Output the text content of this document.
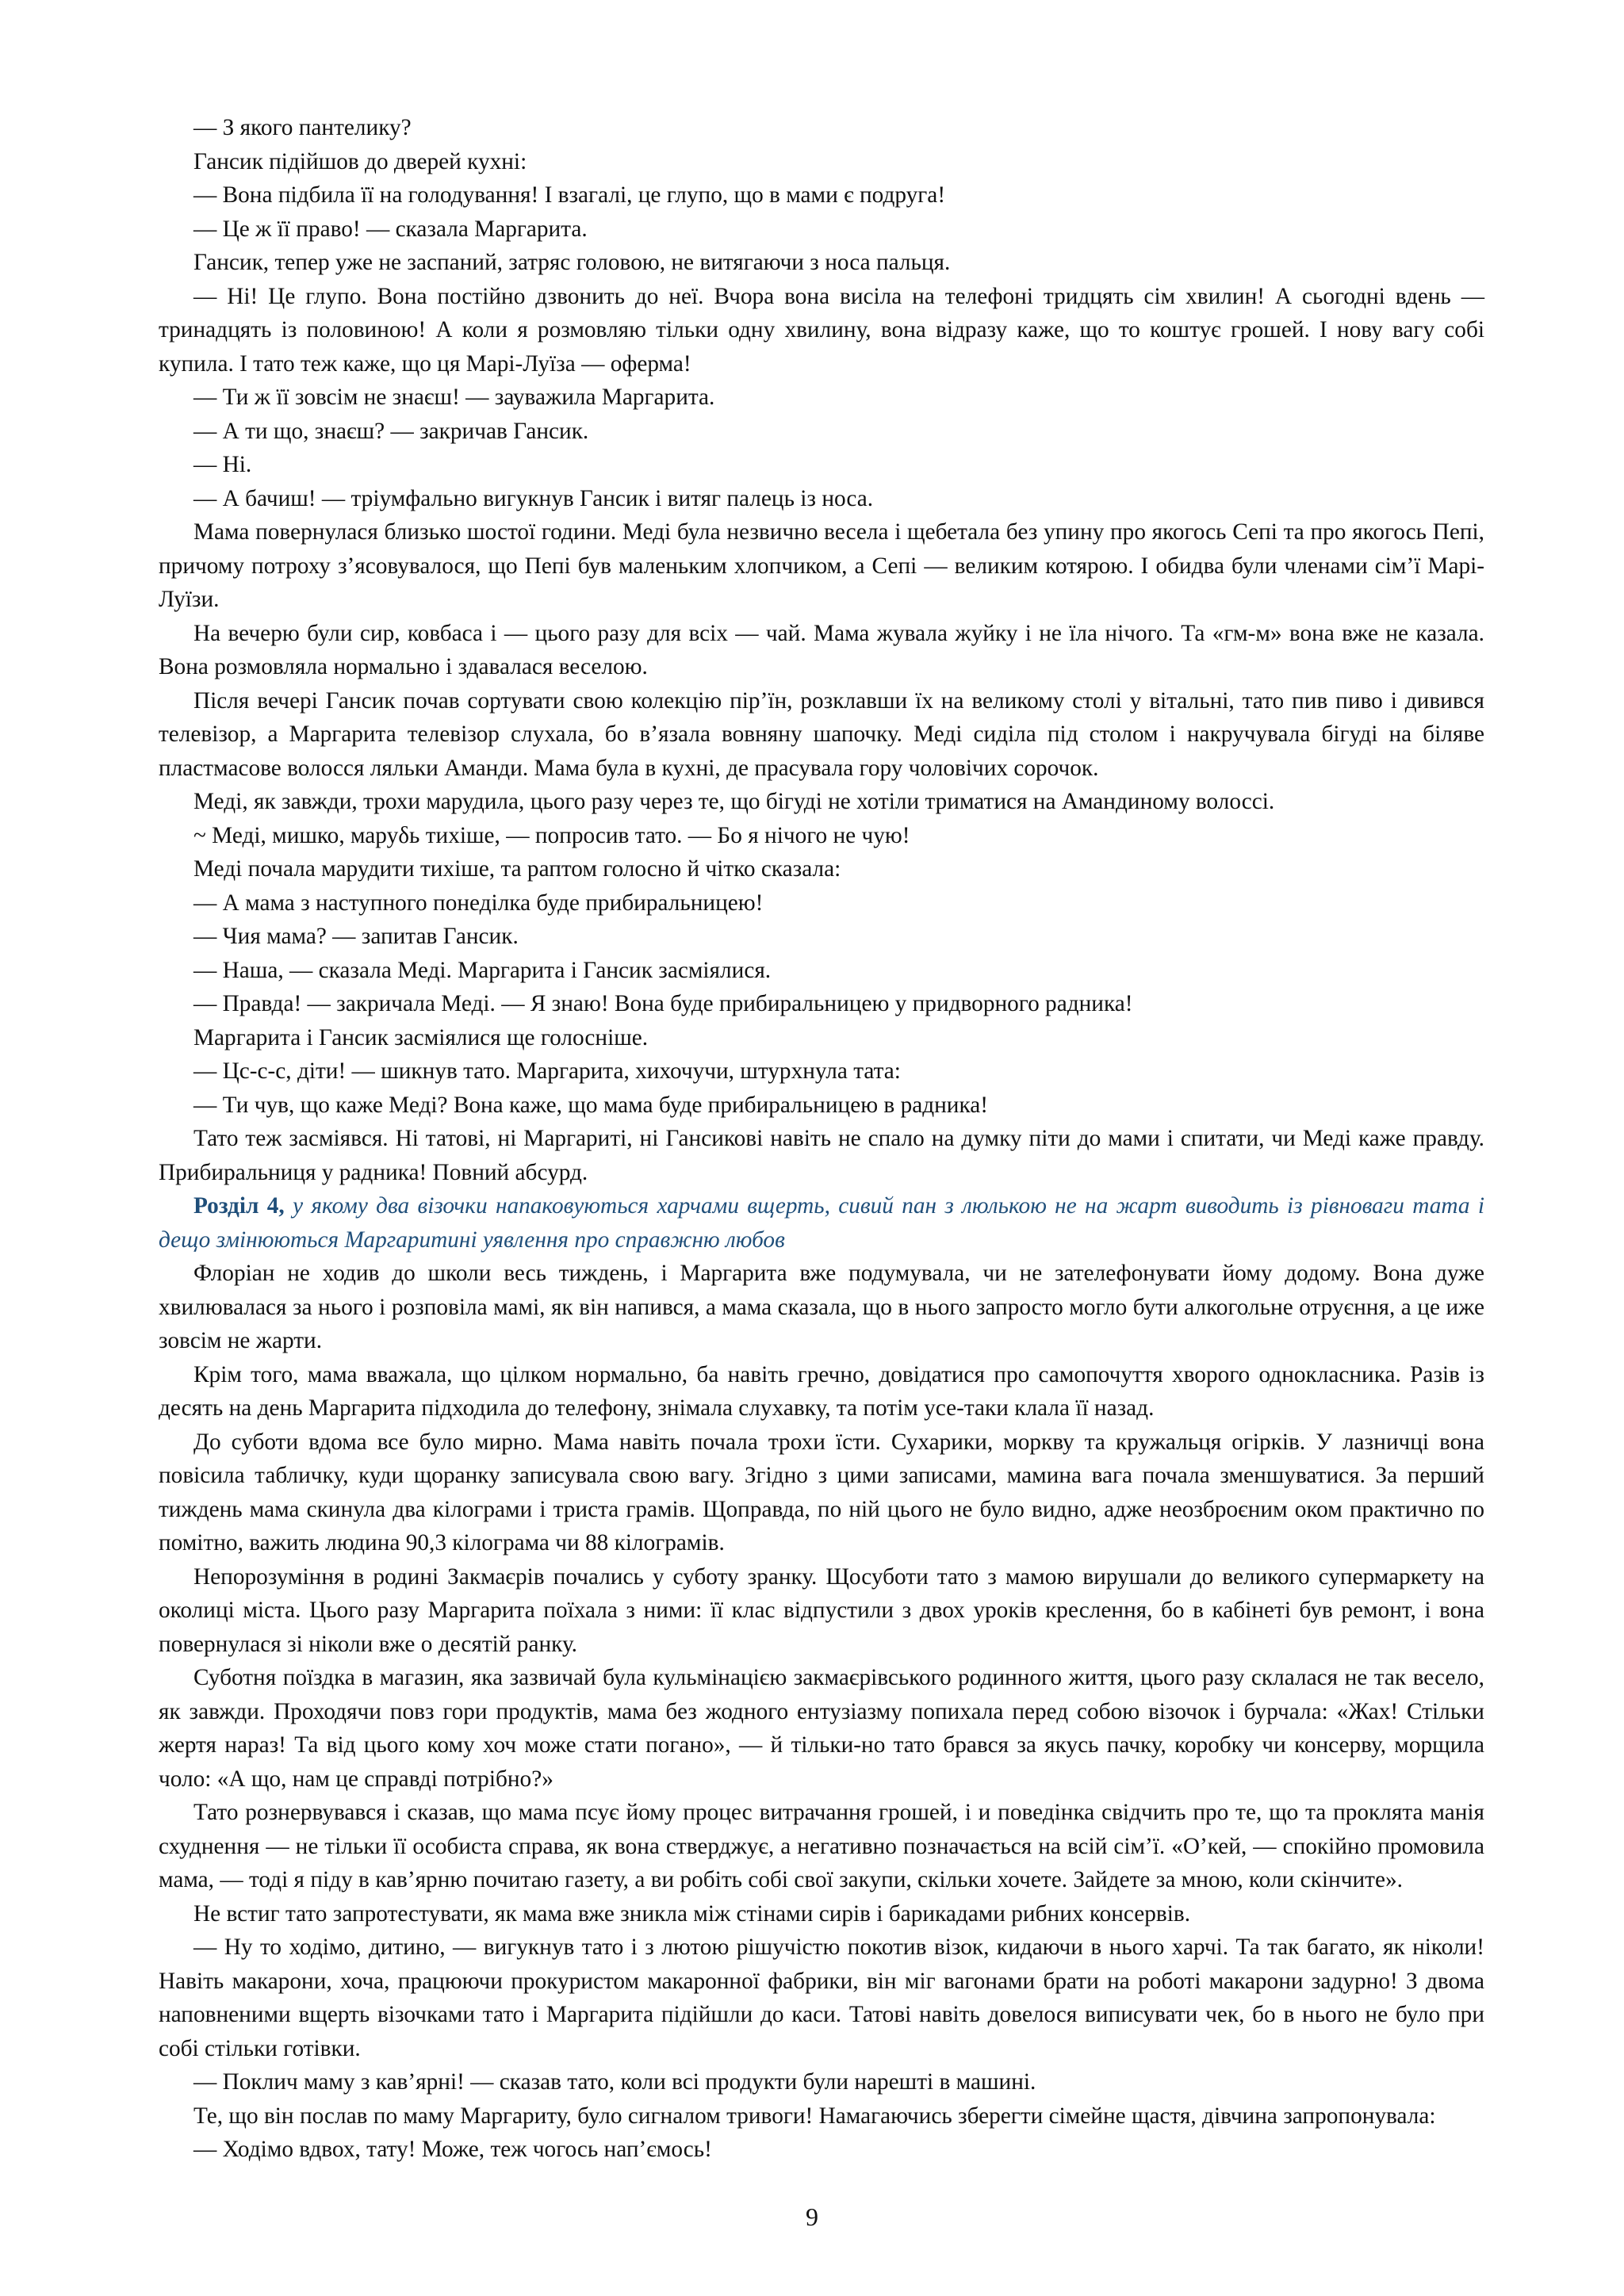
— З якого пантелику?

Гансик підійшов до дверей кухні:

— Вона підбила її на голодування! І взагалі, це глупо, що в мами є подруга!

— Це ж її право! — сказала Маргарита.

Гансик, тепер уже не заспаний, затряс головою, не витягаючи з носа пальця.

— Ні! Це глупо. Вона постійно дзвонить до неї. Вчора вона висіла на телефоні тридцять сім хвилин! А сьогодні вдень — тринадцять із половиною! А коли я розмовляю тільки одну хвилину, вона відразу каже, що то коштує грошей. І нову вагу собі купила. І тато теж каже, що ця Марі-Луїза — оферма!

— Ти ж її зовсім не знаєш! — зауважила Маргарита.

— А ти що, знаєш? — закричав Гансик.

— Ні.

— А бачиш! — тріумфально вигукнув Гансик і витяг палець із носа.

Мама повернулася близько шостої години. Меді була незвично весела і щебетала без упину про якогось Сепі та про якогось Пепі, причому потроху з’ясовувалося, що Пепі був маленьким хлопчиком, а Сепі — великим котярою. І обидва були членами сім’ї Марі-Луїзи.

На вечерю були сир, ковбаса і — цього разу для всіх — чай. Мама жувала жуйку і не їла нічого. Та «гм-м» вона вже не казала. Вона розмовляла нормально і здавалася веселою.

Після вечері Гансик почав сортувати свою колекцію пір’їн, розклавши їх на великому столі у вітальні, тато пив пиво і дивився телевізор, а Маргарита телевізор слухала, бо в’язала вовняну шапочку. Меді сиділа під столом і накручувала бігуді на біляве пластмасове волосся ляльки Аманди. Мама була в кухні, де прасувала гору чоловічих сорочок.

Меді, як завжди, трохи марудила, цього разу через те, що бігуді не хотіли триматися на Амандиному волоссі.

~ Меді, мишко, маруδь тихіше, — попросив тато. — Бо я нічого не чую!

Меді почала марудити тихіше, та раптом голосно й чітко сказала:

— А мама з наступного понеділка буде прибиральницею!

— Чия мама? — запитав Гансик.

— Наша, — сказала Меді. Маргарита і Гансик засміялися.

— Правда! — закричала Меді. — Я знаю! Вона буде прибиральницею у придворного радника!

Маргарита і Гансик засміялися ще голосніше.

— Цс-с-с, діти! — шикнув тато. Маргарита, хихочучи, штурхнула тата:

— Ти чув, що каже Меді? Вона каже, що мама буде прибиральницею в радника!

Тато теж засміявся. Ні татові, ні Маргариті, ні Гансикові навіть не спало на думку піти до мами і спитати, чи Меді каже правду. Прибиральниця у радника! Повний абсурд.

Розділ 4, у якому два візочки напаковуються харчами вщерть, сивий пан з люлькою не на жарт виводить із рівноваги тата і дещо змінюються Маргаритині уявлення про справжню любов

Флоріан не ходив до школи весь тиждень, і Маргарита вже подумувала, чи не зателефонувати йому додому. Вона дуже хвилювалася за нього і розповіла мамі, як він напився, а мама сказала, що в нього запросто могло бути алкогольне отруєння, а це иже зовсім не жарти.

Крім того, мама вважала, що цілком нормально, ба навіть гречно, довідатися про самопочуття хворого однокласника. Разів із десять на день Маргарита підходила до телефону, знімала слухавку, та потім усе-таки клала її назад.

До суботи вдома все було мирно. Мама навіть почала трохи їсти. Сухарики, моркву та кружальця огірків. У лазничці вона повісила табличку, куди щоранку записувала свою вагу. Згідно з цими записами, мамина вага почала зменшуватися. За перший тиждень мама скинула два кілограми і триста грамів. Щоправда, по ній цього не було видно, адже неозброєним оком практично по помітно, важить людина 90,3 кілограма чи 88 кілограмів.

Непорозуміння в родині Закмаєрів почались у суботу зранку. Щосуботи тато з мамою вирушали до великого супермаркету на околиці міста. Цього разу Маргарита поїхала з ними: її клас відпустили з двох уроків креслення, бо в кабінеті був ремонт, і вона повернулася зі ніколи вже о десятій ранку.

Суботня поїздка в магазин, яка зазвичай була кульмінацією закмаєрівського родинного життя, цього разу склалася не так весело, як завжди. Проходячи повз гори продуктів, мама без жодного ентузіазму попихала перед собою візочок і бурчала: «Жах! Стільки жертя нараз! Та від цього кому хоч може стати погано», — й тільки-но тато брався за якусь пачку, коробку чи консерву, морщила чоло: «А що, нам це справді потрібно?»

Тато рознервувався і сказав, що мама псує йому процес витрачання грошей, і и поведінка свідчить про те, що та проклята манія схуднення — не тільки її особиста справа, як вона стверджує, а негативно позначається на всій сім’ї. «О’кей, — спокійно промовила мама, — тоді я піду в кав’ярню почитаю газету, а ви робіть собі свої закупи, скільки хочете. Зайдете за мною, коли скінчите».

Не встиг тато запротестувати, як мама вже зникла між стінами сирів і барикадами рибних консервів.

— Ну то ходімо, дитино, — вигукнув тато і з лютою рішучістю покотив візок, кидаючи в нього харчі. Та так багато, як ніколи! Навіть макарони, хоча, працюючи прокуристом макаронної фабрики, він міг вагонами брати на роботі макарони задурно! З двома наповненими вщерть візочками тато і Маргарита підійшли до каси. Татові навіть довелося виписувати чек, бо в нього не було при собі стільки готівки.

— Поклич маму з кав’ярні! — сказав тато, коли всі продукти були нарешті в машині.

Те, що він послав по маму Маргариту, було сигналом тривоги! Намагаючись зберегти сімейне щастя, дівчина запропонувала:

— Ходімо вдвох, тату! Може, теж чогось нап’ємось!

9
